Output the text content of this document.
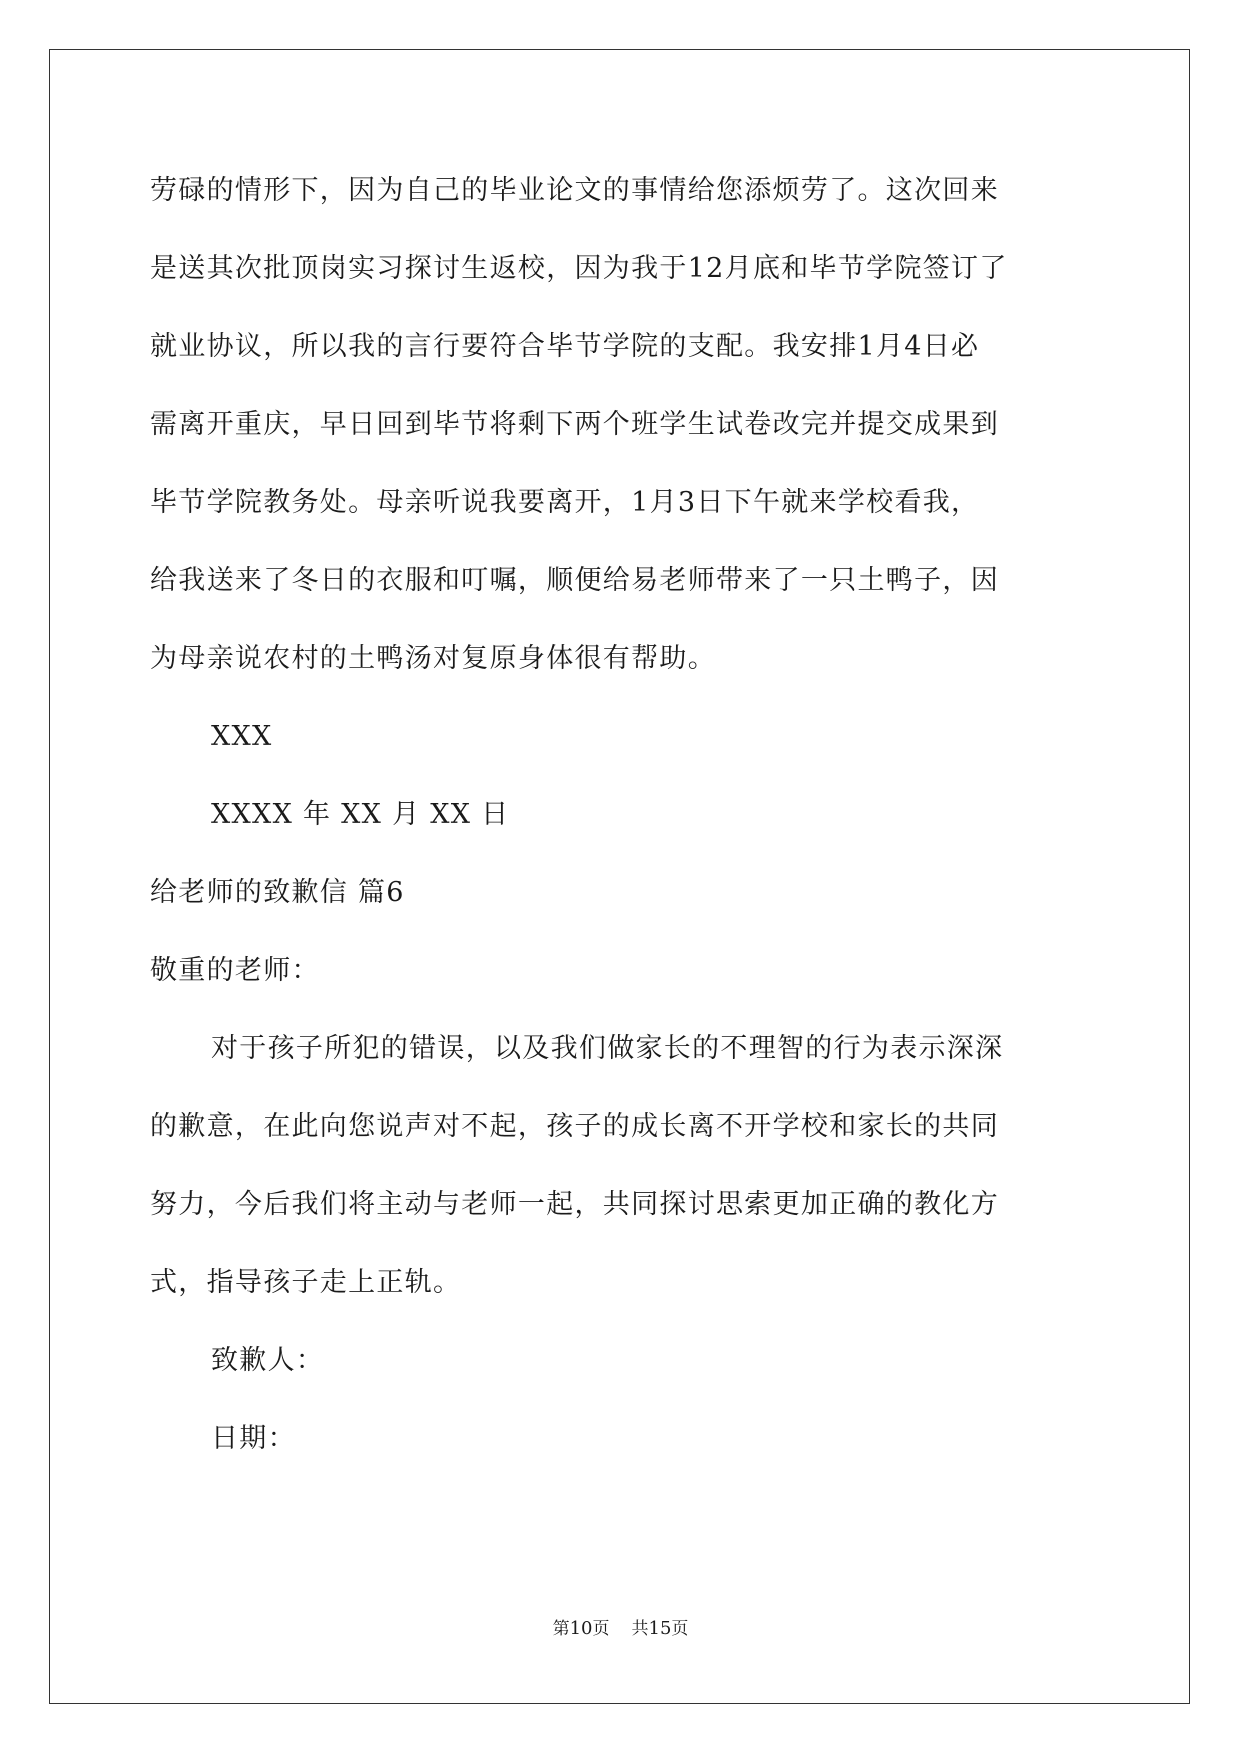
劳碌的情形下，因为自己的毕业论文的事情给您添烦劳了。这次回来
是送其次批顶岗实习探讨生返校，因为我于12月底和毕节学院签订了
就业协议，所以我的言行要符合毕节学院的支配。我安排1月4日必
需离开重庆，早日回到毕节将剩下两个班学生试卷改完并提交成果到
毕节学院教务处。母亲听说我要离开，1月3日下午就来学校看我，
给我送来了冬日的衣服和叮嘱，顺便给易老师带来了一只土鸭子，因
为母亲说农村的土鸭汤对复原身体很有帮助。
XXX
XXXX 年 XX 月 XX 日
给老师的致歉信 篇6
敬重的老师：
对于孩子所犯的错误，以及我们做家长的不理智的行为表示深深
的歉意，在此向您说声对不起，孩子的成长离不开学校和家长的共同
努力，今后我们将主动与老师一起，共同探讨思索更加正确的教化方
式，指导孩子走上正轨。
致歉人：
日期：
第10页 共15页
